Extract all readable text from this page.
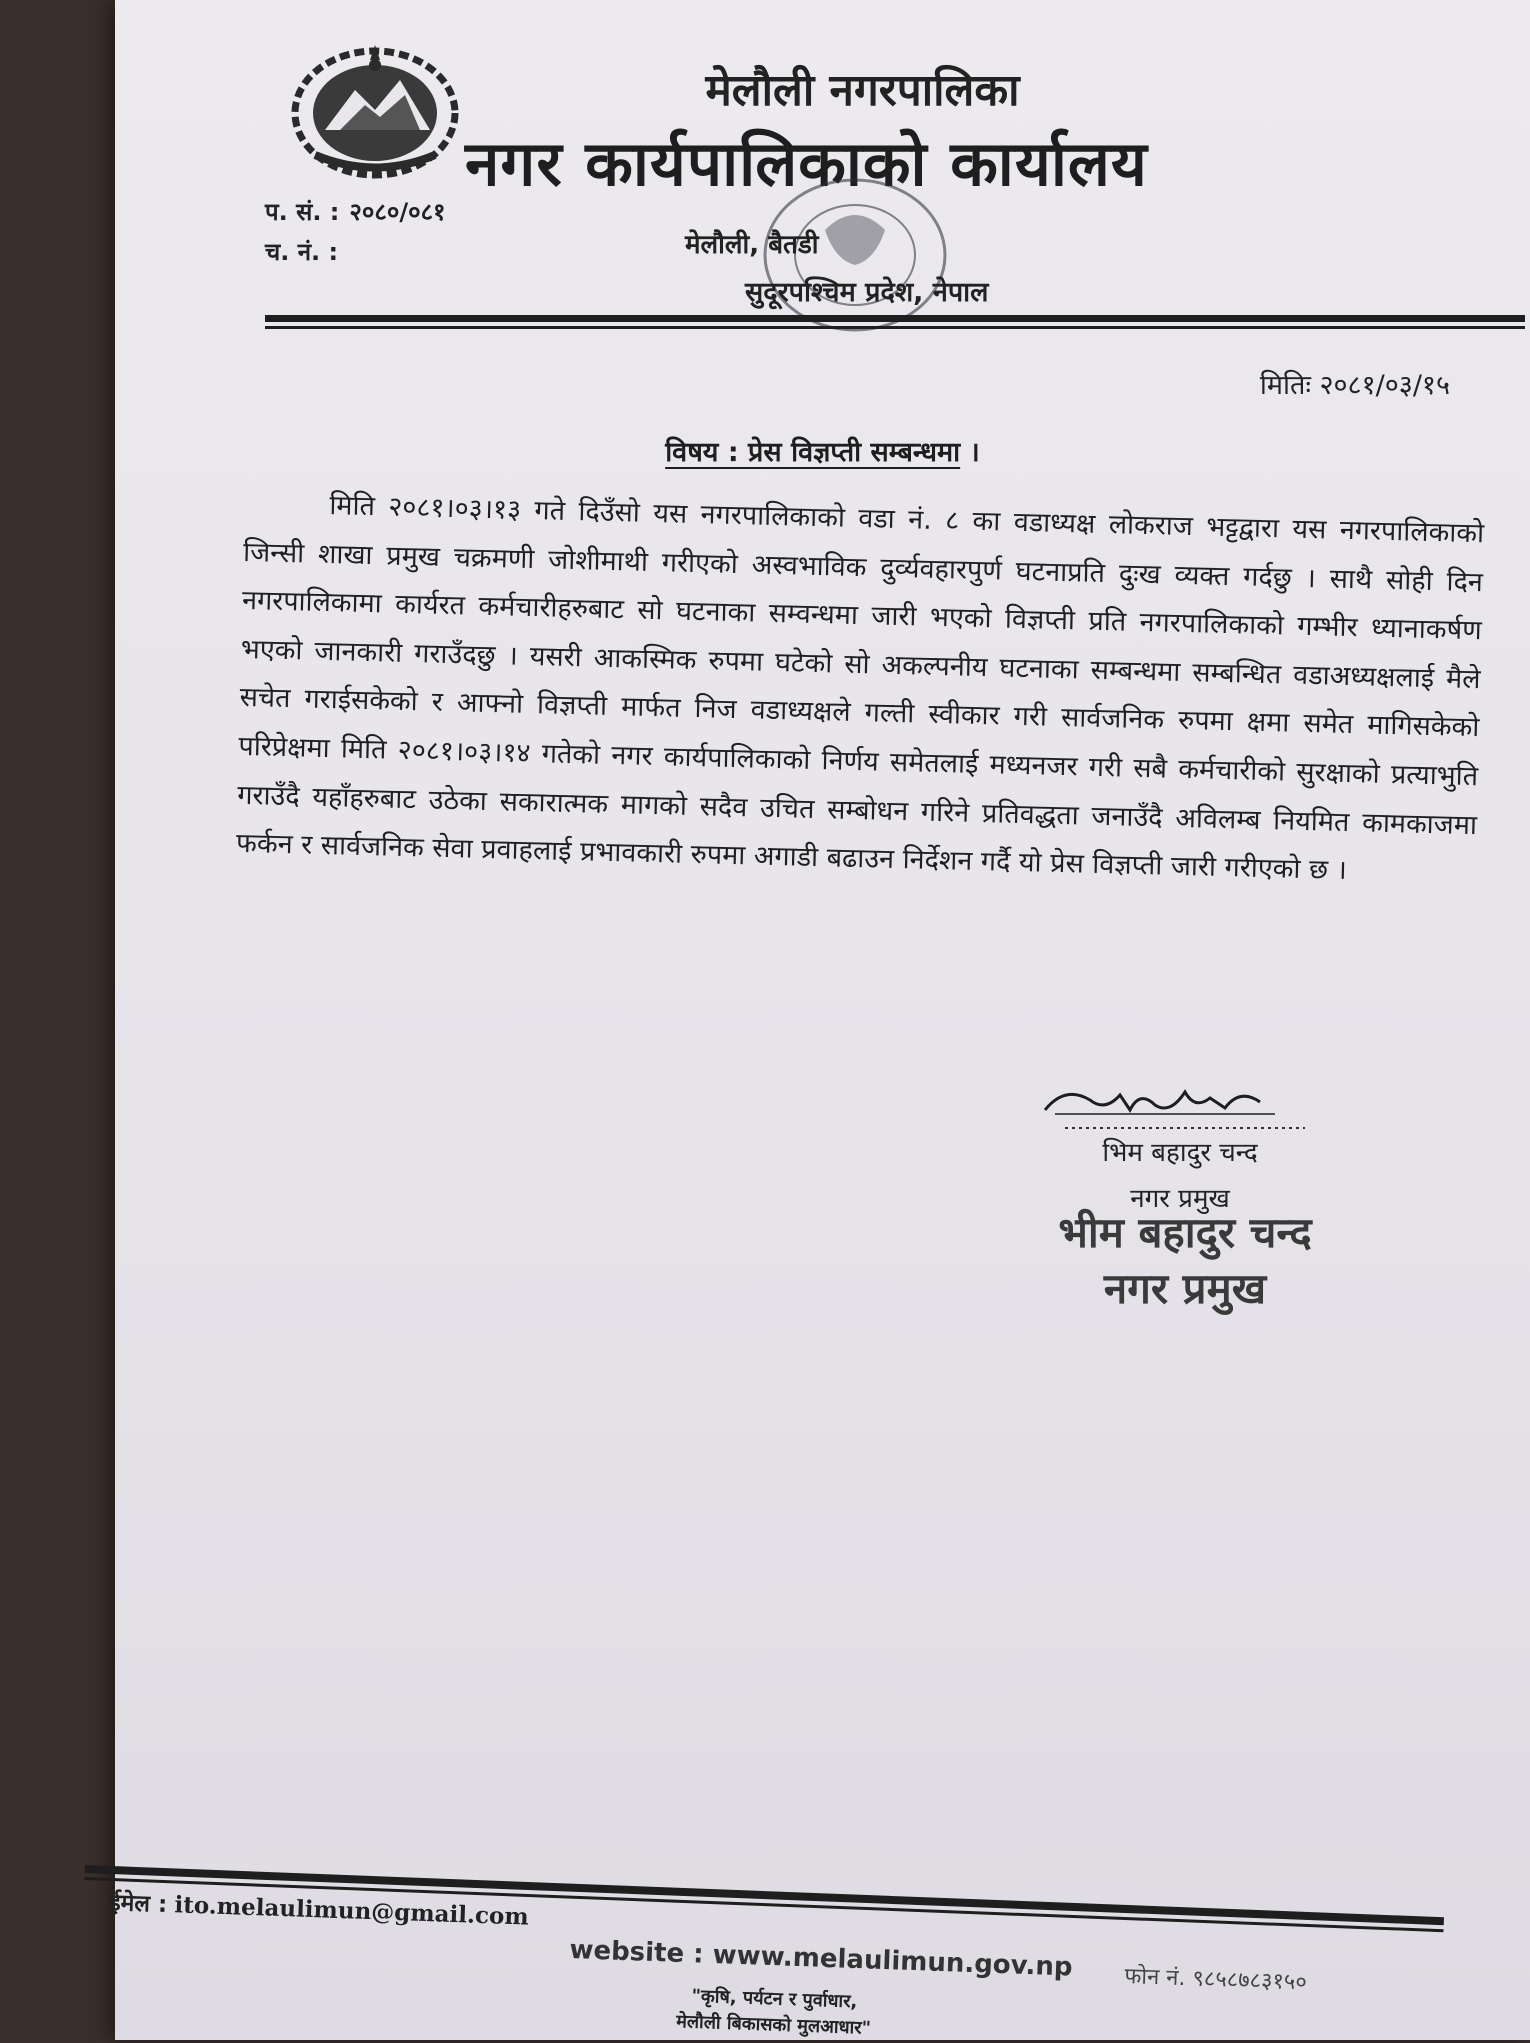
मेलौली नगरपालिका
नगर कार्यपालिकाको कार्यालय
प. सं. : २०८०/०८१
च. नं. :	मेलौली, बैतडी
सुदूरपश्चिम प्रदेश, नेपाल
मितिः २०८१/०३/१५
विषय : प्रेस विज्ञप्ती सम्बन्धमा ।
मिति २०८१।०३।१३ गते दिउँसो यस नगरपालिकाको वडा नं. ८ का वडाध्यक्ष लोकराज भट्टद्वारा यस नगरपालिकाको जिन्सी शाखा प्रमुख चक्रमणी जोशीमाथी गरीएको अस्वभाविक दुर्व्यवहारपुर्ण घटनाप्रति दुःख व्यक्त गर्दछु । साथै सोही दिन नगरपालिकामा कार्यरत कर्मचारीहरुबाट सो घटनाका सम्वन्धमा जारी भएको विज्ञप्ती प्रति नगरपालिकाको गम्भीर ध्यानाकर्षण भएको जानकारी गराउँदछु । यसरी आकस्मिक रुपमा घटेको सो अकल्पनीय घटनाका सम्बन्धमा सम्बन्धित वडाअध्यक्षलाई मैले सचेत गराईसकेको र आफ्नो विज्ञप्ती मार्फत निज वडाध्यक्षले गल्ती स्वीकार गरी सार्वजनिक रुपमा क्षमा समेत मागिसकेको परिप्रेक्षमा मिति २०८१।०३।१४ गतेको नगर कार्यपालिकाको निर्णय समेतलाई मध्यनजर गरी सबै कर्मचारीको सुरक्षाको प्रत्याभुति गराउँदै यहाँहरुबाट उठेका सकारात्मक मागको सदैव उचित सम्बोधन गरिने प्रतिवद्धता जनाउँदै अविलम्ब नियमित कामकाजमा फर्कन र सार्वजनिक सेवा प्रवाहलाई प्रभावकारी रुपमा अगाडी बढाउन निर्देशन गर्दै यो प्रेस विज्ञप्ती जारी गरीएको छ ।
भिम बहादुर चन्द
नगर प्रमुख
भीम बहादुर चन्द
नगर प्रमुख
ईमेल : ito.melaulimun@gmail.com
website : www.melaulimun.gov.np
"कृषि, पर्यटन र पुर्वाधार,
मेलौली बिकासको मुलआधार"
फोन नं. ९८५८७८३१५०
